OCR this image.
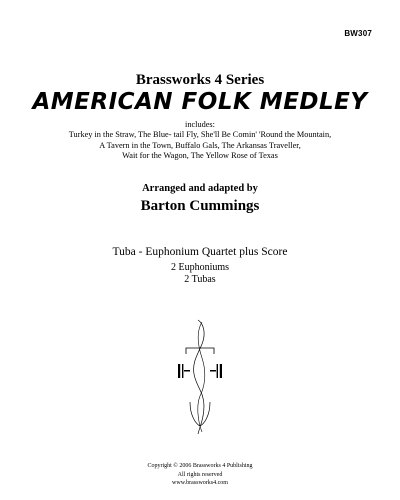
BW307
Brassworks 4 Series
AMERICAN FOLK MEDLEY
includes:
Turkey in the Straw, The Blue- tail Fly, She'll Be Comin' 'Round the Mountain,
A Tavern in the Town, Buffalo Gals, The Arkansas Traveller,
Wait for the Wagon, The Yellow Rose of Texas
Arranged and adapted by
Barton Cummings
Tuba - Euphonium Quartet plus Score
2 Euphoniums
2 Tubas
Copyright © 2006 Brassworks 4 Publishing
All rights reserved
www.brassworks4.com
